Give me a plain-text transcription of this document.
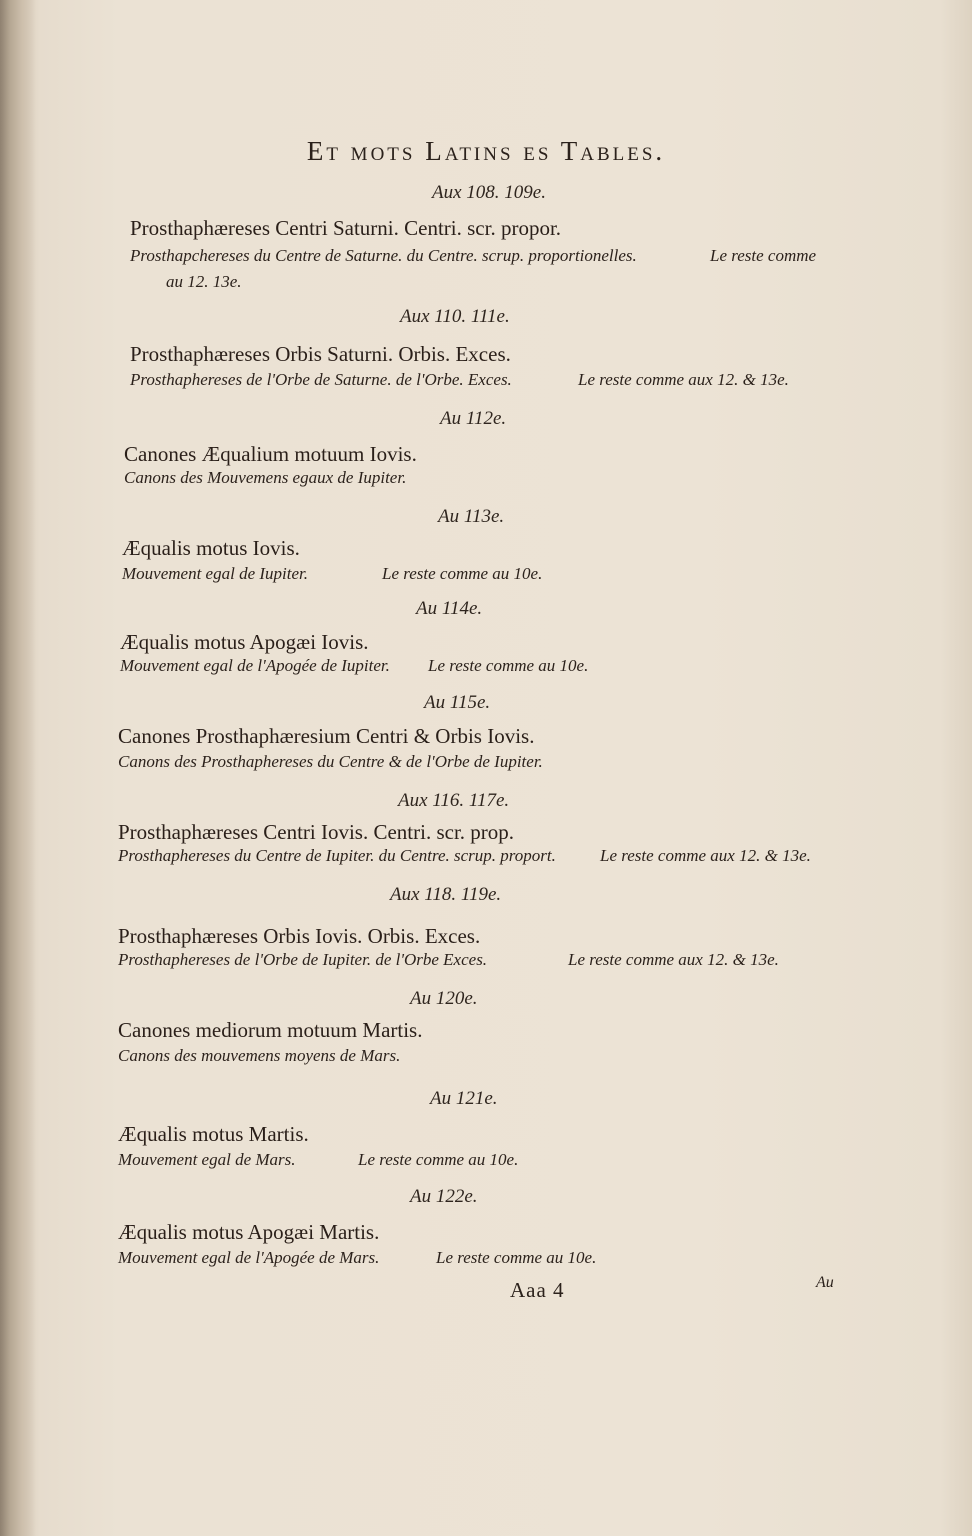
Et mots Latins es Tables.
Aux 108. 109e.
Prosthaphæreses Centri Saturni. Centri. scr. propor.
Prosthapchereses du Centre de Saturne. du Centre. scrup. proportionelles.	Le reste comme
au 12. 13e.
Aux 110. 111e.
Prosthaphæreses Orbis Saturni. Orbis. Exces.
Prosthaphereses de l'Orbe de Saturne. de l'Orbe. Exces.	Le reste comme aux 12. & 13e.
Au 112e.
Canones Æqualium motuum Iovis.
Canons des Mouvemens egaux de Iupiter.
Au 113e.
Æqualis motus Iovis.
Mouvement egal de Iupiter.	Le reste comme au 10e.
Au 114e.
Æqualis motus Apogæi Iovis.
Mouvement egal de l'Apogée de Iupiter. Le reste comme au 10e.
Au 115e.
Canones Prosthaphæresium Centri & Orbis Iovis.
Canons des Prosthaphereses du Centre & de l'Orbe de Iupiter.
Aux 116. 117e.
Prosthaphæreses Centri Iovis. Centri. scr. prop.
Prosthaphereses du Centre de Iupiter. du Centre. scrup. proport.	Le reste comme aux 12. & 13e.
Aux 118. 119e.
Prosthaphæreses Orbis Iovis. Orbis. Exces.
Prosthaphereses de l'Orbe de Iupiter. de l'Orbe Exces.	Le reste comme aux 12. & 13e.
Au 120e.
Canones mediorum motuum Martis.
Canons des mouvemens moyens de Mars.
Au 121e.
Æqualis motus Martis.
Mouvement egal de Mars.	Le reste comme au 10e.
Au 122e.
Æqualis motus Apogæi Martis.
Mouvement egal de l'Apogée de Mars.	Le reste comme au 10e.
Aaa 4	Au
